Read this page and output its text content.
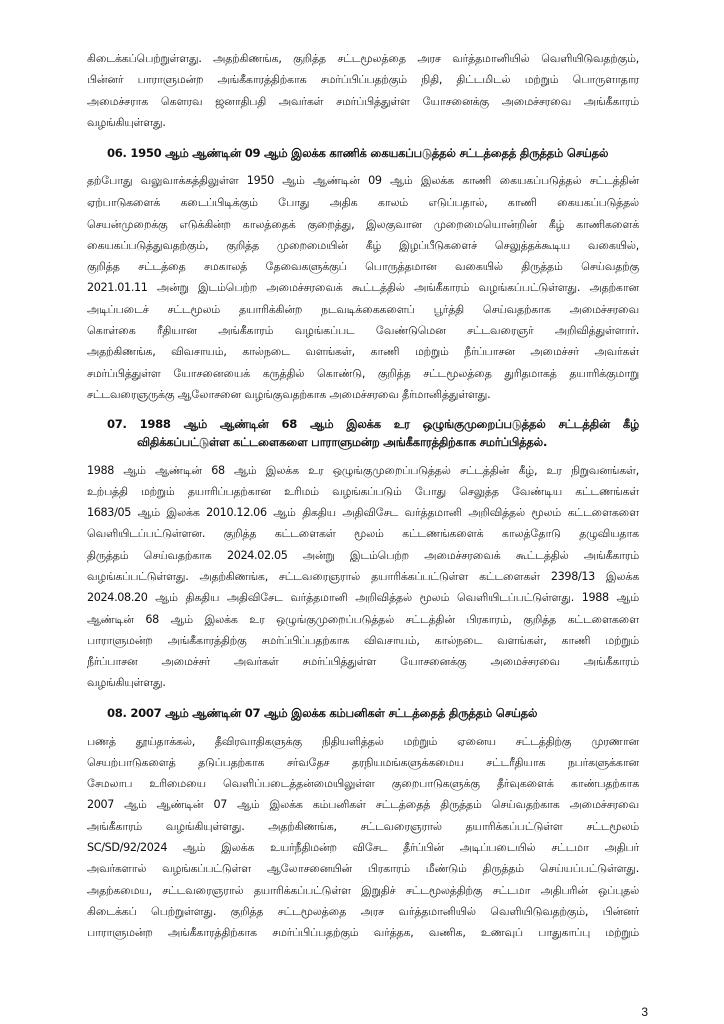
கிடைக்கப்பெற்றுள்ளது. அதற்கிணங்க, குறித்த சட்டமூலத்தை அரச வர்த்தமானியில் வெளியிடுவதற்கும்,
பின்னர் பாராளுமன்ற அங்கீகாரத்திற்காக சமர்ப்பிப்பதற்கும் நிதி, திட்டமிடல் மற்றும் பொருளாதார
அமைச்சராக கௌரவ ஜனாதிபதி அவர்கள் சமர்ப்பித்துள்ள யோசனைக்கு அமைச்சரவை அங்கீகாரம்
வழங்கியுள்ளது.
06. 1950 ஆம் ஆண்டின் 09 ஆம் இலக்க காணிக் கையகப்படுத்தல் சட்டத்தைத் திருத்தம் செய்தல்
தற்போது வலுவாக்கத்திலுள்ள 1950 ஆம் ஆண்டின் 09 ஆம் இலக்க காணி கையகப்படுத்தல் சட்டத்தின்
ஏற்பாடுகளைக் கடைப்பிடிக்கும் போது அதிக காலம் எடுப்பதால், காணி கையகப்படுத்தல்
செயன்முறைக்கு எடுக்கின்ற காலத்தைக் குறைத்து, இலகுவான முறைமையொன்றின் கீழ் காணிகளைக்
கையகப்படுத்துவதற்கும், குறித்த முறைமையின் கீழ் இழப்பீடுகளைச் செலுத்தக்கூடிய வகையில்,
குறித்த சட்டத்தை சமகாலத் தேவைகளுக்குப் பொருத்தமான வகையில் திருத்தம் செய்வதற்கு
2021.01.11 அன்று இடம்பெற்ற அமைச்சரவைக் கூட்டத்தில் அங்கீகாரம் வழங்கப்பட்டுள்ளது. அதற்கான
அடிப்படைச் சட்டமூலம் தயாரிக்கின்ற நடவடிக்கைகளைப் பூர்த்தி செய்வதற்காக அமைச்சரவை
கொள்கை ரீதியான அங்கீகாரம் வழங்கப்பட வேண்டுமென சட்டவரைஞர் அறிவித்துள்ளார்.
அதற்கிணங்க, விவசாயம், கால்நடை வளங்கள், காணி மற்றும் நீர்ப்பாசன அமைச்சர் அவர்கள்
சமர்ப்பித்துள்ள யோசனையைக் கருத்தில் கொண்டு, குறித்த சட்டமூலத்தை துரிதமாகத் தயாரிக்குமாறு
சட்டவரைஞருக்கு ஆலோசனை வழங்குவதற்காக அமைச்சரவை தீர்மானித்துள்ளது.
07. 1988 ஆம் ஆண்டின் 68 ஆம் இலக்க உர ஒழுங்குமுறைப்படுத்தல் சட்டத்தின் கீழ்
விதிக்கப்பட்டுள்ள கட்டளைகளை பாராளுமன்ற அங்கீகாரத்திற்காக சமர்ப்பித்தல்.
1988 ஆம் ஆண்டின் 68 ஆம் இலக்க உர ஒழுங்குமுறைப்படுத்தல் சட்டத்தின் கீழ், உர நிறுவனங்கள்,
உற்பத்தி மற்றும் தயாரிப்பதற்கான உரிமம் வழங்கப்படும் போது செலுத்த வேண்டிய கட்டணங்கள்
1683/05 ஆம் இலக்க 2010.12.06 ஆம் திகதிய அதிவிசேட வர்த்தமானி அறிவித்தல் மூலம் கட்டளைகளை
வெளியிடப்பட்டுள்ளன. குறித்த கட்டளைகள் மூலம் கட்டணங்களைக் காலத்தோடு தழுவியதாக
திருத்தம் செய்வதற்காக 2024.02.05 அன்று இடம்பெற்ற அமைச்சரவைக் கூட்டத்தில் அங்கீகாரம்
வழங்கப்பட்டுள்ளது. அதற்கிணங்க, சட்டவரைஞரால் தயாரிக்கப்பட்டுள்ள கட்டளைகள் 2398/13 இலக்க
2024.08.20 ஆம் திகதிய அதிவிசேட வர்த்தமானி அறிவித்தல் மூலம் வெளியிடப்பட்டுள்ளது. 1988 ஆம்
ஆண்டின் 68 ஆம் இலக்க உர ஒழுங்குமுறைப்படுத்தல் சட்டத்தின் பிரகாரம், குறித்த கட்டளைகளை
பாராளுமன்ற அங்கீகாரத்திற்கு சமர்ப்பிப்பதற்காக விவசாயம், கால்நடை வளங்கள், காணி மற்றும்
நீர்ப்பாசன அமைச்சர் அவர்கள் சமர்ப்பித்துள்ள யோசனைக்கு அமைச்சரவை அங்கீகாரம்
வழங்கியுள்ளது.
08. 2007 ஆம் ஆண்டின் 07 ஆம் இலக்க கம்பனிகள் சட்டத்தைத் திருத்தம் செய்தல்
பணத் தூய்தாக்கல், தீவிரவாதிகளுக்கு நிதியளித்தல் மற்றும் ஏனைய சட்டத்திற்கு முரணான
செயற்பாடுகளைத் தடுப்பதற்காக சர்வதேச தரநியமங்களுக்கமைய சட்டரீதியாக நபர்களுக்கான
சேமலாப உரிமையை வெளிப்படைத்தன்மையிலுள்ள குறைபாடுகளுக்கு தீர்வுகளைக் காண்பதற்காக
2007 ஆம் ஆண்டின் 07 ஆம் இலக்க கம்பனிகள் சட்டத்தைத் திருத்தம் செய்வதற்காக அமைச்சரவை
அங்கீகாரம் வழங்கியுள்ளது. அதற்கிணங்க, சட்டவரைஞரால் தயாரிக்கப்பட்டுள்ள சட்டமூலம்
SC/SD/92/2024 ஆம் இலக்க உயர்நீதிமன்ற விசேட தீர்ப்பின் அடிப்படையில் சட்டமா அதிபர்
அவர்களால் வழங்கப்பட்டுள்ள ஆலோசனையின் பிரகாரம் மீண்டும் திருத்தம் செய்யப்பட்டுள்ளது.
அதற்கமைய, சட்டவரைஞரால் தயாரிக்கப்பட்டுள்ள இறுதிச் சட்டமூலத்திற்கு சட்டமா அதிபரின் ஒப்புதல்
கிடைக்கப் பெற்றுள்ளது. குறித்த சட்டமூலத்தை அரச வர்த்தமானியில் வெளியிடுவதற்கும், பின்னர்
பாராளுமன்ற அங்கீகாரத்திற்காக சமர்ப்பிப்பதற்கும் வர்த்தக, வணிக, உணவுப் பாதுகாப்பு மற்றும்
3
